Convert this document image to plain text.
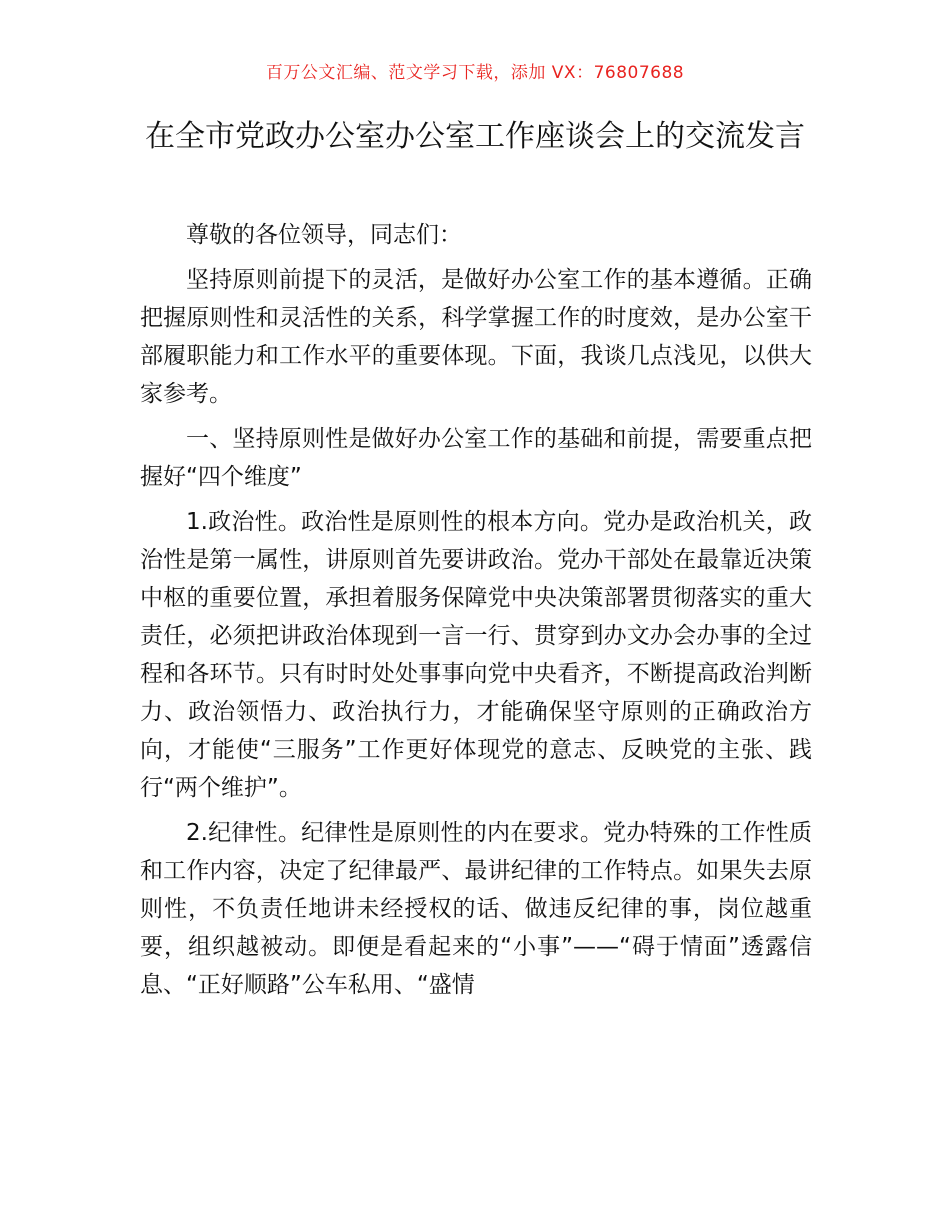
百万公文汇编、范文学习下载，添加 VX：76807688
在全市党政办公室办公室工作座谈会上的交流发言

尊敬的各位领导，同志们：

坚持原则前提下的灵活，是做好办公室工作的基本遵循。正确把握原则性和灵活性的关系，科学掌握工作的时度效，是办公室干部履职能力和工作水平的重要体现。下面，我谈几点浅见，以供大家参考。

一、坚持原则性是做好办公室工作的基础和前提，需要重点把握好“四个维度”

1.政治性。政治性是原则性的根本方向。党办是政治机关，政治性是第一属性，讲原则首先要讲政治。党办干部处在最靠近决策中枢的重要位置，承担着服务保障党中央决策部署贯彻落实的重大责任，必须把讲政治体现到一言一行、贯穿到办文办会办事的全过程和各环节。只有时时处处事事向党中央看齐，不断提高政治判断力、政治领悟力、政治执行力，才能确保坚守原则的正确政治方向，才能使“三服务”工作更好体现党的意志、反映党的主张、践行“两个维护”。

2.纪律性。纪律性是原则性的内在要求。党办特殊的工作性质和工作内容，决定了纪律最严、最讲纪律的工作特点。如果失去原则性，不负责任地讲未经授权的话、做违反纪律的事，岗位越重要，组织越被动。即便是看起来的“小事”——“碍于情面”透露信息、“正好顺路”公车私用、“盛情
